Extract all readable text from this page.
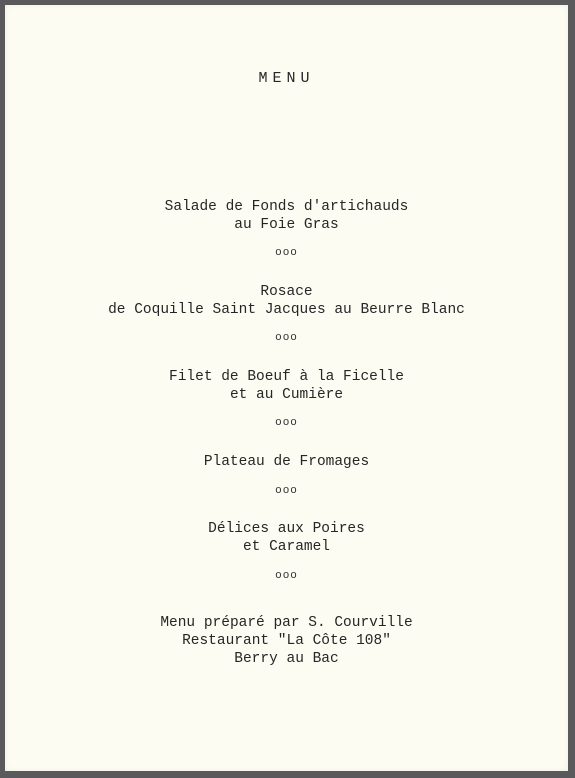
MENU
Salade de Fonds d'artichauds
au Foie Gras
ooo
Rosace
de Coquille Saint Jacques au Beurre Blanc
ooo
Filet de Boeuf à la Ficelle
et au Cumière
ooo
Plateau de Fromages
ooo
Délices aux Poires
et Caramel
ooo
Menu préparé par S. Courville
Restaurant "La Côte 108"
Berry au Bac
